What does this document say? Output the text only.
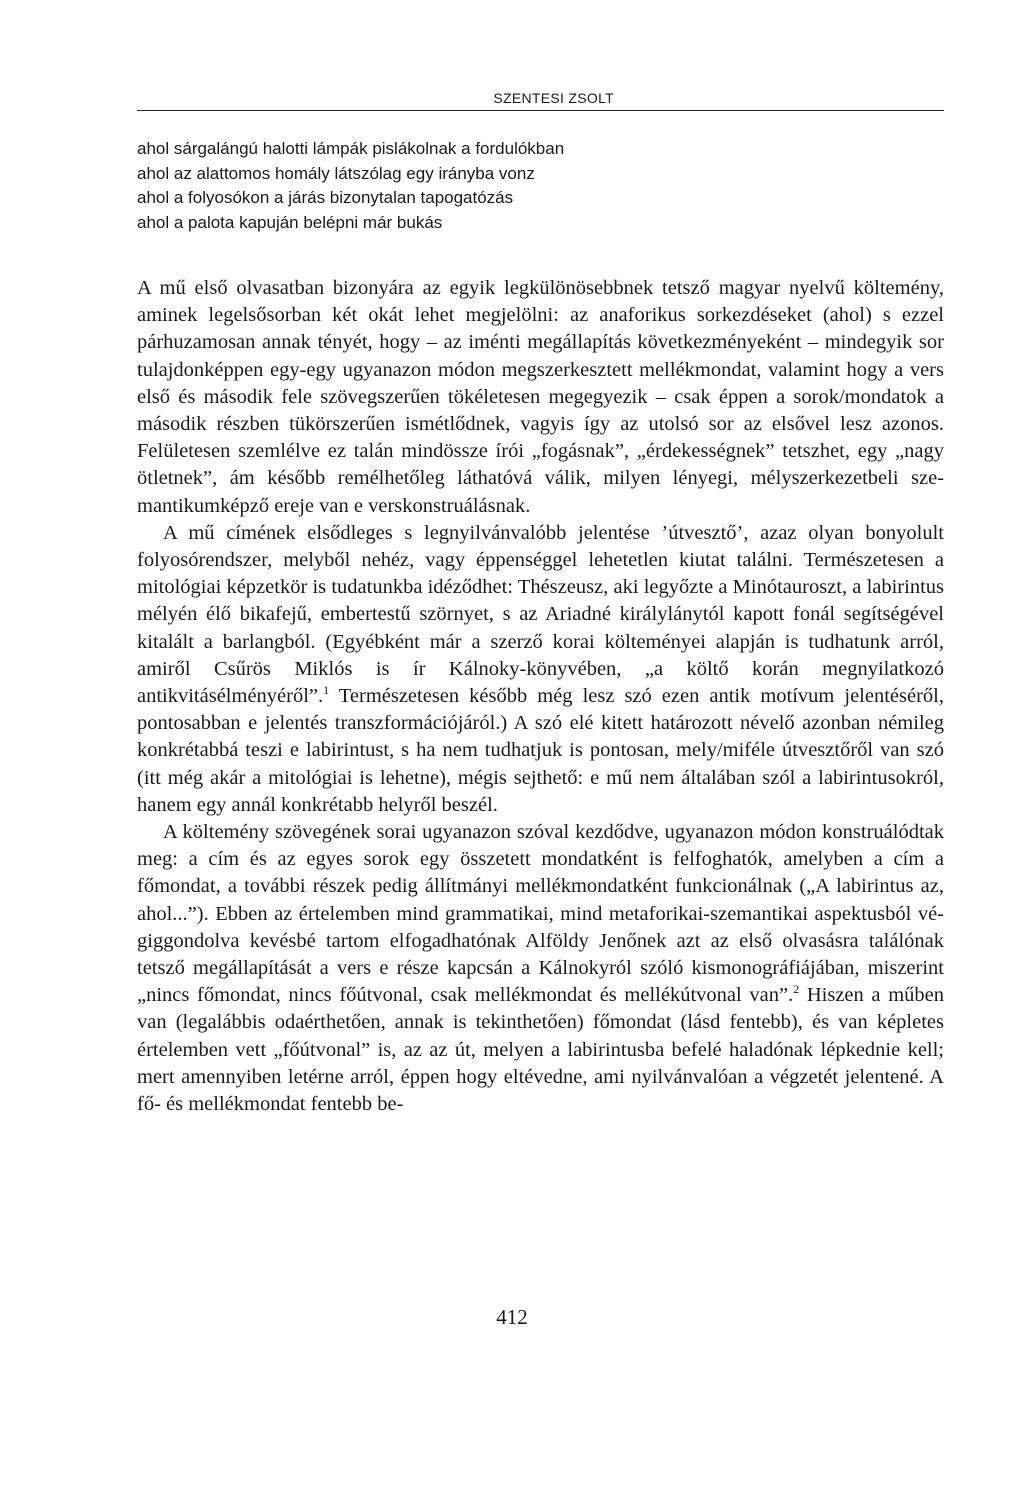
SZENTESI ZSOLT
ahol sárgalángú halotti lámpák pislákolnak a fordulókban
ahol az alattomos homály látszólag egy irányba vonz
ahol a folyosókon a járás bizonytalan tapogatózás
ahol a palota kapuján belépni már bukás

A mű első olvasatban bizonyára az egyik legkülönösebbnek tetsző magyar nyelvű költemény, aminek legelsősorban két okát lehet megjelölni: az anaforikus sorkezdéseket (ahol) s ezzel párhuzamosan annak tényét, hogy – az iménti megállapítás következményeként – mindegyik sor tulajdonképpen egy-egy ugyanazon módon megszerkesztett mellékmondat, valamint hogy a vers első és második fele szövegszerűen tökéletesen megegyezik – csak éppen a sorok/mondatok a második részben tükörszerűen ismétlődnek, vagyis így az utolsó sor az elsővel lesz azonos. Felületesen szemlélve ez talán mindössze írói „fogásnak”, „érdekességnek” tetszhet, egy „nagy ötletnek”, ám később remélhetőleg láthatóvá válik, milyen lényegi, mélyszerkezetbeli szemantikumképző ereje van e verskonstruálásnak.

A mű címének elsődleges s legnyilvánvalóbb jelentése ’útvesztő’, azaz olyan bonyolult folyosórendszer, melyből nehéz, vagy éppenséggel lehetetlen kiutat találni. Természetesen a mitológiai képzetkör is tudatunkba idéződhet: Thészeusz, aki legyőzte a Minótauroszt, a labirintus mélyén élő bikafejű, embertestű szörnyet, s az Ariadné királylánytól kapott fonál segítségével kitalált a barlangból. (Egyébként már a szerző korai költeményei alapján is tudhatunk arról, amiről Csűrös Miklós is ír Kálnoky-könyvében, „a költő korán megnyilatkozó antikvitásélményéről”.$^1$ Természetesen később még lesz szó ezen antik motívum jelentéséről, pontosabban e jelentés transzformációjáról.) A szó elé kitett határozott névelő azonban némileg konkrétabbá teszi e labirintust, s ha nem tudhatjuk is pontosan, mely/miféle útvesztőről van szó (itt még akár a mitológiai is lehetne), mégis sejthető: e mű nem általában szól a labirintusokról, hanem egy annál konkrétabb helyről beszél.

A költemény szövegének sorai ugyanazon szóval kezdődve, ugyanazon módon konstruálódtak meg: a cím és az egyes sorok egy összetett mondatként is felfoghatók, amelyben a cím a főmondat, a további részek pedig állítmányi mellékmondatként funkcionálnak („A labirintus az, ahol...”). Ebben az értelemben mind grammatikai, mind metaforikai-szemantikai aspektusból végiggondolva kevésbé tartom elfogadhatónak Alföldy Jenőnek azt az első olvasásra találónak tetsző megállapítását a vers e része kapcsán a Kálnokyról szóló kismonográfiájában, miszerint „nincs főmondat, nincs főútvonal, csak mellékmondat és mellékútvonal van”.$^2$ Hiszen a műben van (legalábbis odaérthetően, annak is tekinthetően) főmondat (lásd fentebb), és van képletes értelemben vett „főútvonal” is, az az út, melyen a labirintusba befelé haladónak lépkednie kell; mert amennyiben letérne arról, éppen hogy eltévedne, ami nyilvánvalóan a végzetét jelentené. A fő- és mellékmondat fentebb be-

412
